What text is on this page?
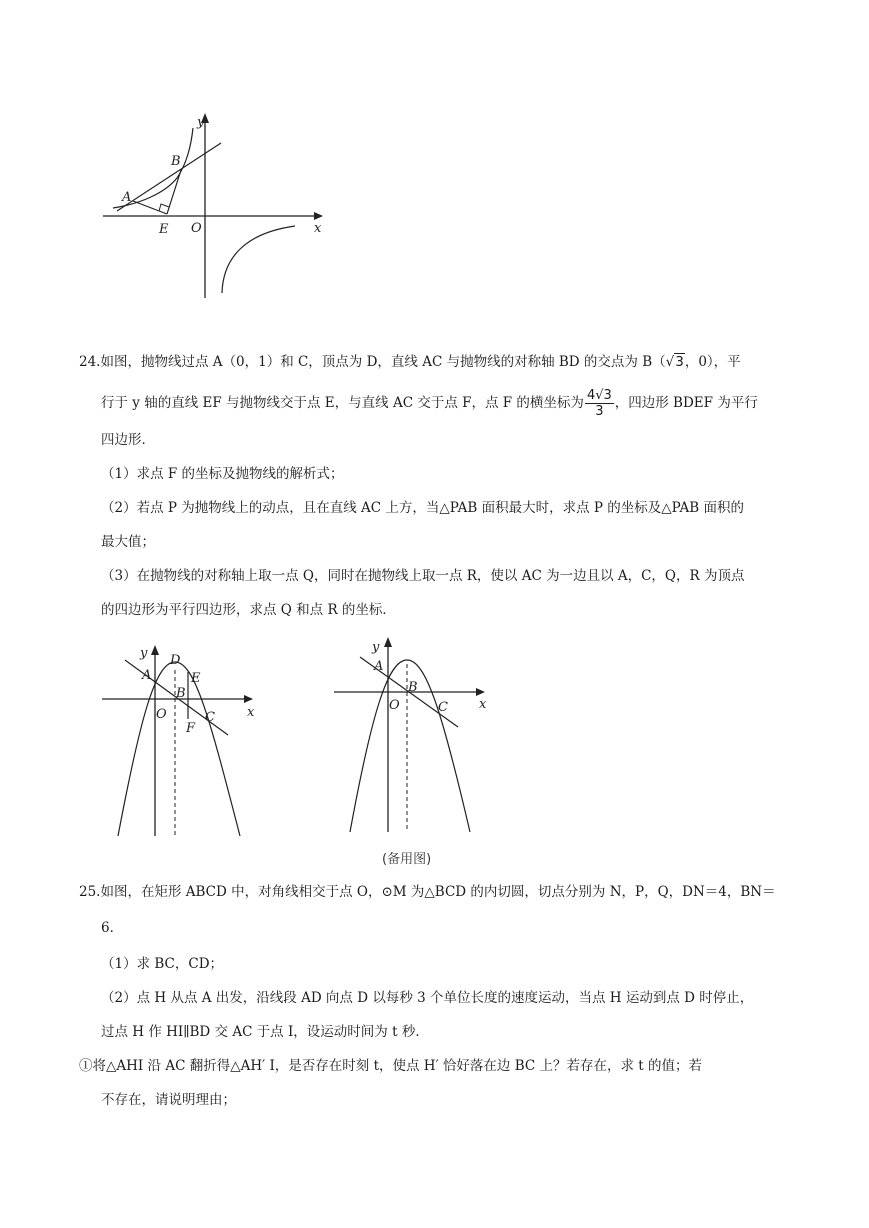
y
x
O
A
B
E
24.如图，抛物线过点 A（0，1）和 C，顶点为 D，直线 AC 与抛物线的对称轴 BD 的交点为 B（√3，0），平
行于 y 轴的直线 EF 与抛物线交于点 E，与直线 AC 交于点 F，点 F 的横坐标为 $\frac{4√3}{3}$ ，四边形 BDEF 为平行
四边形．
（1）求点 F 的坐标及抛物线的解析式；
（2）若点 P 为抛物线上的动点，且在直线 AC 上方，当△PAB 面积最大时，求点 P 的坐标及△PAB 面积的
最大值；
（3）在抛物线的对称轴上取一点 Q，同时在抛物线上取一点 R，使以 AC 为一边且以 A，C，Q，R 为顶点
的四边形为平行四边形，求点 Q 和点 R 的坐标．
y
x
O
A
B
C
D
E
F
y
x
O
A
B
C
(备用图)
25.如图，在矩形 ABCD 中，对角线相交于点 O，⊙M 为△BCD 的内切圆，切点分别为 N，P，Q，DN＝4，BN＝
6．
（1）求 BC，CD；
（2）点 H 从点 A 出发，沿线段 AD 向点 D 以每秒 3 个单位长度的速度运动，当点 H 运动到点 D 时停止，
过点 H 作 HI∥BD 交 AC 于点 I，设运动时间为 t 秒．
①将△AHI 沿 AC 翻折得△AH′ I，是否存在时刻 t，使点 H′ 恰好落在边 BC 上？若存在，求 t 的值；若
不存在，请说明理由；
